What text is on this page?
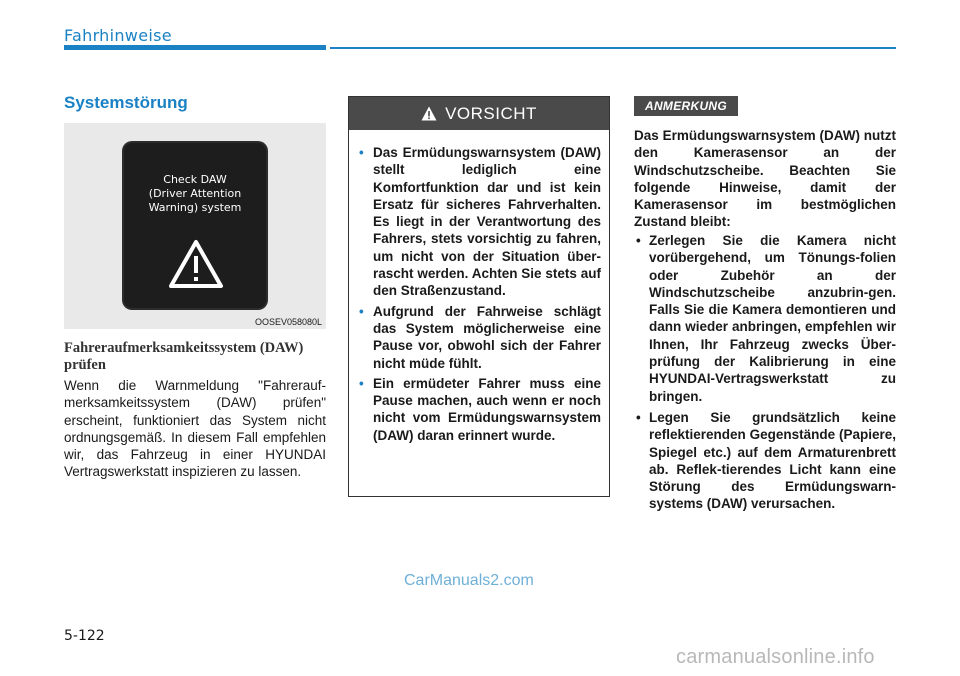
Fahrhinweise
Systemstörung
Check DAW
(Driver Attention
Warning) system
OOSEV058080L
Fahreraufmerksamkeitssystem (DAW) prüfen
Wenn die Warnmeldung "Fahrerauf-merksamkeitssystem (DAW) prüfen" erscheint, funktioniert das System nicht ordnungsgemäß. In diesem Fall empfehlen wir, das Fahrzeug in einer HYUNDAI Vertragswerkstatt inspizieren zu lassen.
VORSICHT
• Das Ermüdungswarnsystem (DAW) stellt lediglich eine Komfortfunktion dar und ist kein Ersatz für sicheres Fahrverhalten. Es liegt in der Verantwortung des Fahrers, stets vorsichtig zu fahren, um nicht von der Situation über-rascht werden. Achten Sie stets auf den Straßenzustand.
• Aufgrund der Fahrweise schlägt das System möglicherweise eine Pause vor, obwohl sich der Fahrer nicht müde fühlt.
• Ein ermüdeter Fahrer muss eine Pause machen, auch wenn er noch nicht vom Ermüdungswarnsystem (DAW) daran erinnert wurde.
ANMERKUNG
Das Ermüdungswarnsystem (DAW) nutzt den Kamerasensor an der Windschutzscheibe. Beachten Sie folgende Hinweise, damit der Kamerasensor im bestmöglichen Zustand bleibt:
• Zerlegen Sie die Kamera nicht vorübergehend, um Tönungs-folien oder Zubehör an der Windschutzscheibe anzubrin-gen. Falls Sie die Kamera demontieren und dann wieder anbringen, empfehlen wir Ihnen, Ihr Fahrzeug zwecks Über-prüfung der Kalibrierung in eine HYUNDAI-Vertragswerkstatt zu bringen.
• Legen Sie grundsätzlich keine reflektierenden Gegenstände (Papiere, Spiegel etc.) auf dem Armaturenbrett ab. Reflek-tierendes Licht kann eine Störung des Ermüdungswarn-systems (DAW) verursachen.
CarManuals2.com
5-122
carmanualsonline.info
